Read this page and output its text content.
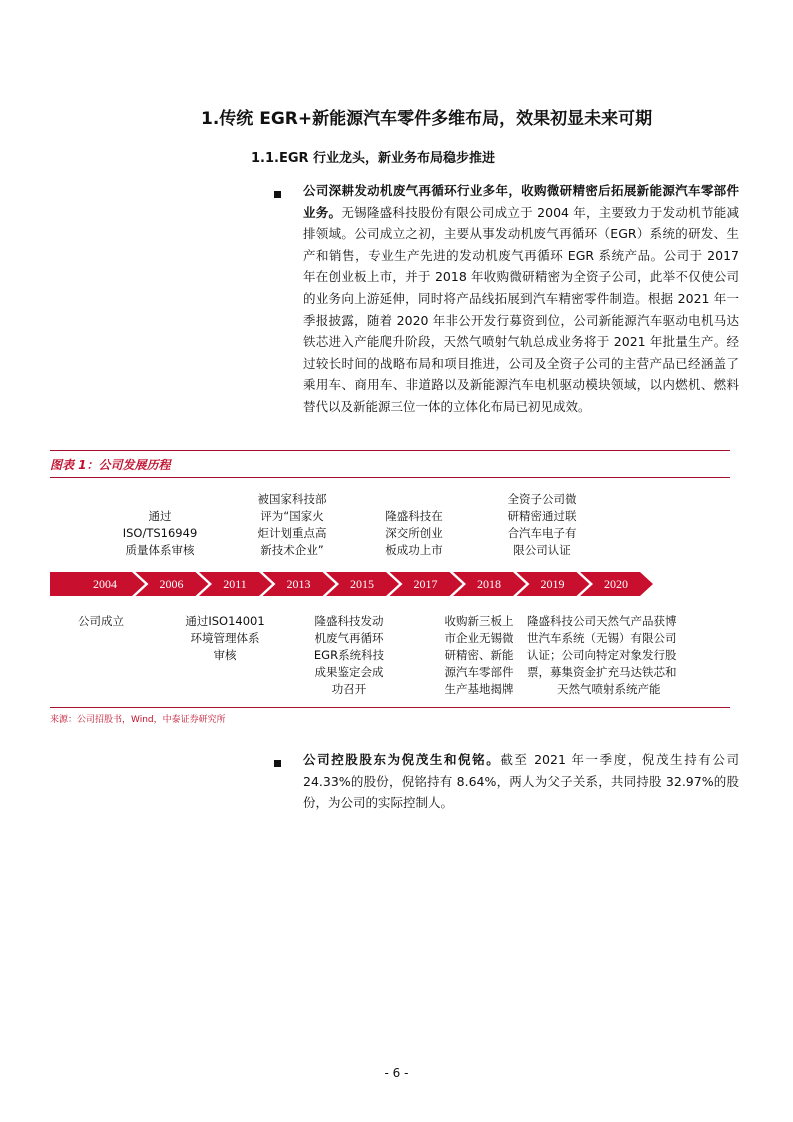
1.传统 EGR+新能源汽车零件多维布局，效果初显未来可期
1.1.EGR 行业龙头，新业务布局稳步推进
公司深耕发动机废气再循环行业多年，收购微研精密后拓展新能源汽车零部件业务。无锡隆盛科技股份有限公司成立于 2004 年，主要致力于发动机节能减排领域。公司成立之初，主要从事发动机废气再循环（EGR）系统的研发、生产和销售，专业生产先进的发动机废气再循环 EGR 系统产品。公司于 2017 年在创业板上市，并于 2018 年收购微研精密为全资子公司，此举不仅使公司的业务向上游延伸，同时将产品线拓展到汽车精密零件制造。根据 2021 年一季报披露，随着 2020 年非公开发行募资到位，公司新能源汽车驱动电机马达铁芯进入产能爬升阶段，天然气喷射气轨总成业务将于 2021 年批量生产。经过较长时间的战略布局和项目推进，公司及全资子公司的主营产品已经涵盖了乘用车、商用车、非道路以及新能源汽车电机驱动模块领域，以内燃机、燃料替代以及新能源三位一体的立体化布局已初见成效。
图表 1：公司发展历程
通过
ISO/TS16949
质量体系审核
被国家科技部
评为“国家火
炬计划重点高
新技术企业”
隆盛科技在
深交所创业
板成功上市
全资子公司微
研精密通过联
合汽车电子有
限公司认证
2004	2006	2011	2013	2015	2017	2018	2019	2020
公司成立	通过ISO14001
环境管理体系
审核
隆盛科技发动
机废气再循环
EGR系统科技
成果鉴定会成
功召开
收购新三板上
市企业无锡微
研精密、新能
源汽车零部件
生产基地揭牌
隆盛科技公司天然气产品获博
世汽车系统（无锡）有限公司
认证；公司向特定对象发行股
票，募集资金扩充马达铁芯和
天然气喷射系统产能
来源：公司招股书，Wind，中泰证券研究所
公司控股股东为倪茂生和倪铭。截至 2021 年一季度，倪茂生持有公司 24.33%的股份，倪铭持有 8.64%，两人为父子关系，共同持股 32.97%的股份，为公司的实际控制人。
- 6 -
